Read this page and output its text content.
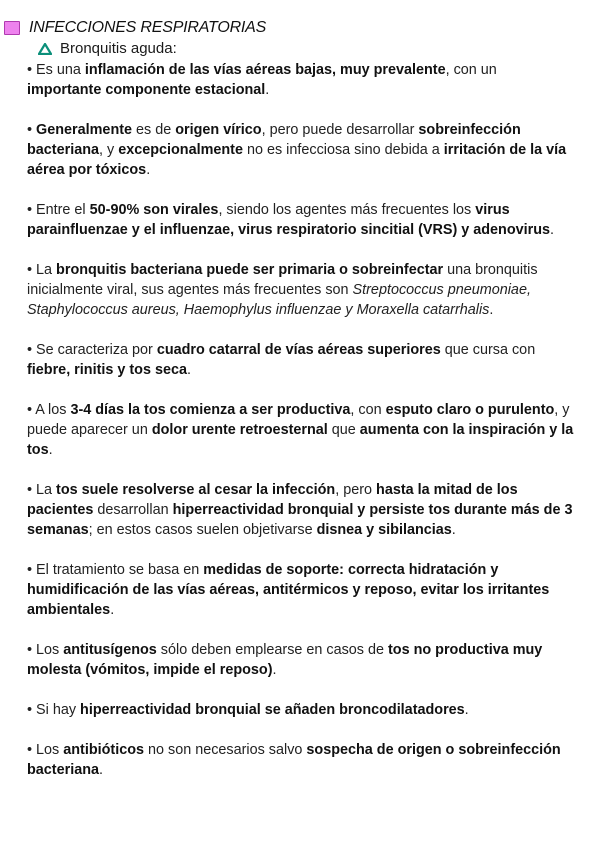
INFECCIONES RESPIRATORIAS
Bronquitis aguda:

• Es una inflamación de las vías aéreas bajas, muy prevalente, con un importante componente estacional.

• Generalmente es de origen vírico, pero puede desarrollar sobreinfección bacteriana, y excepcionalmente no es infecciosa sino debida a irritación de la vía aérea por tóxicos.

• Entre el 50-90% son virales, siendo los agentes más frecuentes los virus parainfluenzae y el influenzae, virus respiratorio sincitial (VRS) y adenovirus.

• La bronquitis bacteriana puede ser primaria o sobreinfectar una bronquitis inicialmente viral, sus agentes más frecuentes son Streptococcus pneumoniae, Staphylococcus aureus, Haemophylus influenzae y Moraxella catarrhalis.

• Se caracteriza por cuadro catarral de vías aéreas superiores que cursa con fiebre, rinitis y tos seca.

• A los 3-4 días la tos comienza a ser productiva, con esputo claro o purulento, y puede aparecer un dolor urente retroesternal que aumenta con la inspiración y la tos.

• La tos suele resolverse al cesar la infección, pero hasta la mitad de los pacientes desarrollan hiperreactividad bronquial y persiste tos durante más de 3 semanas; en estos casos suelen objetivarse disnea y sibilancias.

• El tratamiento se basa en medidas de soporte: correcta hidratación y humidificación de las vías aéreas, antitérmicos y reposo, evitar los irritantes ambientales.

• Los antitusígenos sólo deben emplearse en casos de tos no productiva muy molesta (vómitos, impide el reposo).

• Si hay hiperreactividad bronquial se añaden broncodilatadores.

• Los antibióticos no son necesarios salvo sospecha de origen o sobreinfección bacteriana.
